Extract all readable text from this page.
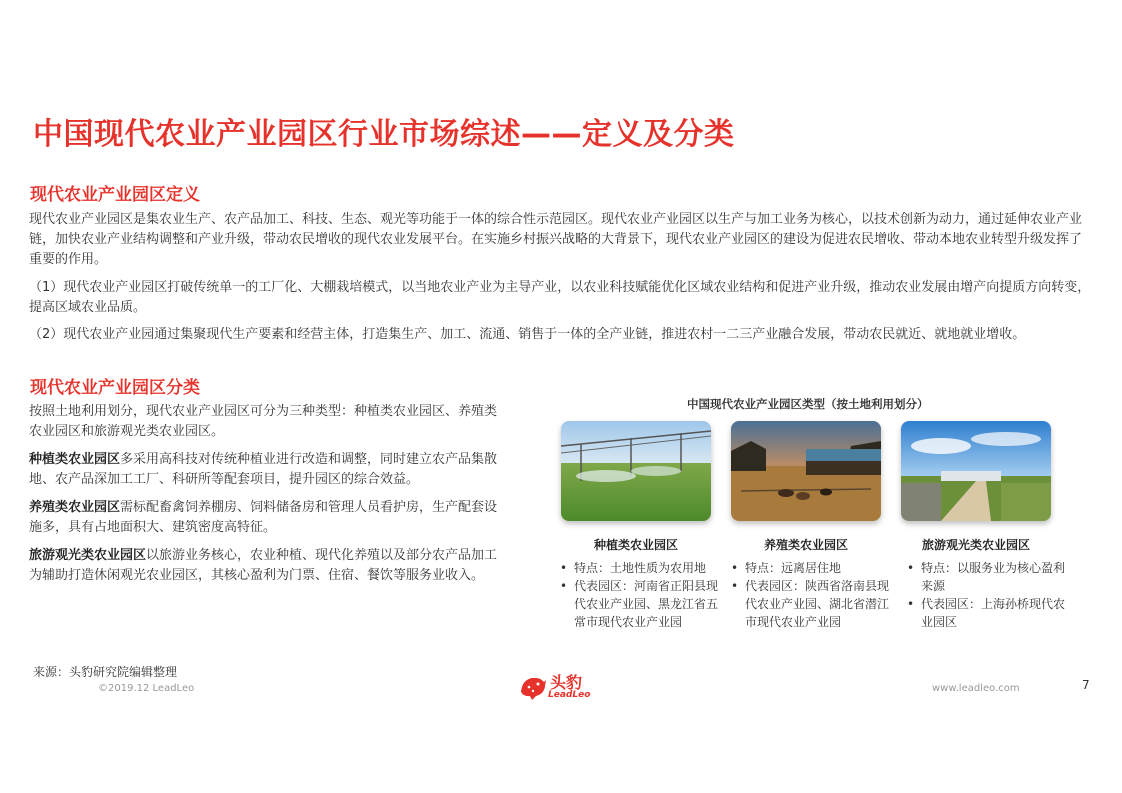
中国现代农业产业园区行业市场综述——定义及分类
现代农业产业园区定义
现代农业产业园区是集农业生产、农产品加工、科技、生态、观光等功能于一体的综合性示范园区。现代农业产业园区以生产与加工业务为核心，以技术创新为动力，通过延伸农业产业链，加快农业产业结构调整和产业升级，带动农民增收的现代农业发展平台。在实施乡村振兴战略的大背景下，现代农业产业园区的建设为促进农民增收、带动本地农业转型升级发挥了重要的作用。
（1）现代农业产业园区打破传统单一的工厂化、大棚栽培模式，以当地农业产业为主导产业，以农业科技赋能优化区域农业结构和促进产业升级，推动农业发展由增产向提质方向转变，提高区域农业品质。
（2）现代农业产业园通过集聚现代生产要素和经营主体，打造集生产、加工、流通、销售于一体的全产业链，推进农村一二三产业融合发展，带动农民就近、就地就业增收。
现代农业产业园区分类

按照土地利用划分，现代农业产业园区可分为三种类型：种植类农业园区、养殖类农业园区和旅游观光类农业园区。

种植类农业园区多采用高科技对传统种植业进行改造和调整，同时建立农产品集散地、农产品深加工工厂、科研所等配套项目，提升园区的综合效益。

养殖类农业园区需标配畜禽饲养棚房、饲料储备房和管理人员看护房，生产配套设施多，具有占地面积大、建筑密度高特征。

旅游观光类农业园区以旅游业务核心，农业种植、现代化养殖以及部分农产品加工为辅助打造休闲观光农业园区，其核心盈利为门票、住宿、餐饮等服务业收入。

中国现代农业产业园区类型（按土地利用划分）
种植类农业园区	养殖类农业园区	旅游观光类农业园区
• 特点：土地性质为农用地
• 代表园区：河南省正阳县现代农业产业园、黑龙江省五常市现代农业产业园
• 特点：远离居住地
• 代表园区：陕西省洛南县现代农业产业园、湖北省潜江市现代农业产业园
• 特点：以服务业为核心盈利来源
• 代表园区：上海孙桥现代农业园区
来源：头豹研究院编辑整理
©2019.12 LeadLeo	头豹
LeadLeo
www.leadleo.com	7
